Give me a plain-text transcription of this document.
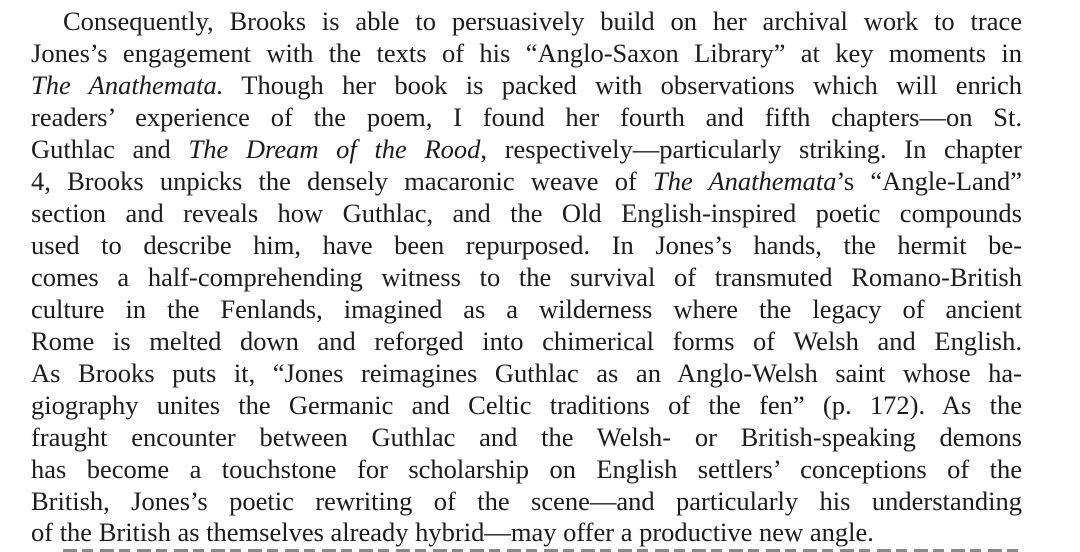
Consequently, Brooks is able to persuasively build on her archival work to trace
Jones’s engagement with the texts of his “Anglo-Saxon Library” at key moments in
The Anathemata. Though her book is packed with observations which will enrich
readers’ experience of the poem, I found her fourth and fifth chapters—on St.
Guthlac and The Dream of the Rood, respectively—particularly striking. In chapter
4, Brooks unpicks the densely macaronic weave of The Anathemata’s “Angle-Land”
section and reveals how Guthlac, and the Old English-inspired poetic compounds
used to describe him, have been repurposed. In Jones’s hands, the hermit be-
comes a half-comprehending witness to the survival of transmuted Romano-British
culture in the Fenlands, imagined as a wilderness where the legacy of ancient
Rome is melted down and reforged into chimerical forms of Welsh and English.
As Brooks puts it, “Jones reimagines Guthlac as an Anglo-Welsh saint whose ha-
giography unites the Germanic and Celtic traditions of the fen” (p. 172). As the
fraught encounter between Guthlac and the Welsh- or British-speaking demons
has become a touchstone for scholarship on English settlers’ conceptions of the
British, Jones’s poetic rewriting of the scene—and particularly his understanding
of the British as themselves already hybrid—may offer a productive new angle.
